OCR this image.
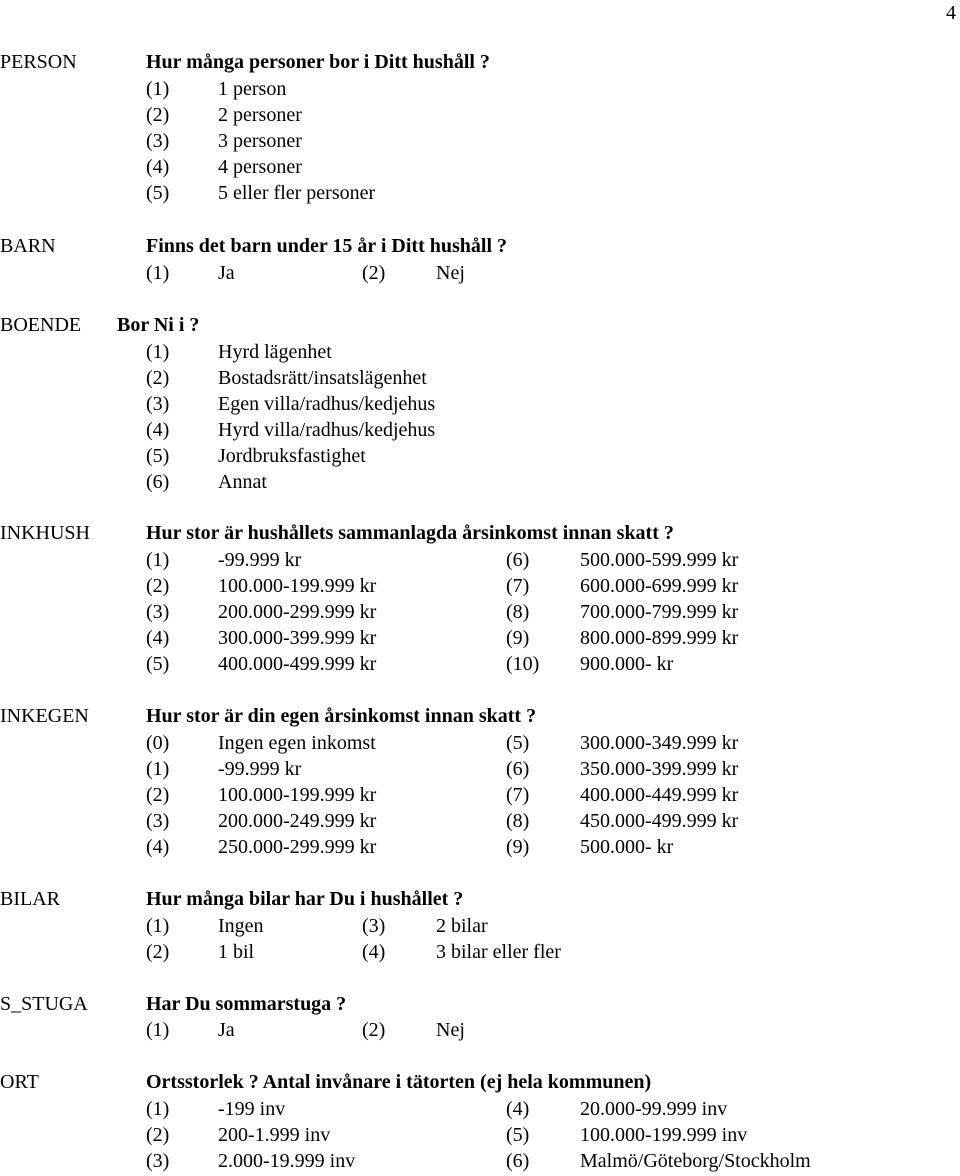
4
PERSON	Hur många personer bor i Ditt hushåll ?
(1) 1 person
(2) 2 personer
(3) 3 personer
(4) 4 personer
(5) 5 eller fler personer
BARN	Finns det barn under 15 år i Ditt hushåll ?
(1) Ja	(2)	Nej
BOENDE Bor Ni i ?
(1) Hyrd lägenhet
(2) Bostadsrätt/insatslägenhet
(3) Egen villa/radhus/kedjehus
(4) Hyrd villa/radhus/kedjehus
(5) Jordbruksfastighet
(6) Annat
INKHUSH	Hur stor är hushållets sammanlagda årsinkomst innan skatt ?
(1) -99.999 kr	(6)	500.000-599.999 kr
(2) 100.000-199.999 kr	(7)	600.000-699.999 kr
(3) 200.000-299.999 kr	(8)	700.000-799.999 kr
(4) 300.000-399.999 kr	(9)	800.000-899.999 kr
(5) 400.000-499.999 kr	(10) 900.000- kr
INKEGEN	Hur stor är din egen årsinkomst innan skatt ?
(0) Ingen egen inkomst	(5)	300.000-349.999 kr
(1) -99.999 kr	(6)	350.000-399.999 kr
(2) 100.000-199.999 kr	(7)	400.000-449.999 kr
(3) 200.000-249.999 kr	(8)	450.000-499.999 kr
(4) 250.000-299.999 kr	(9)	500.000- kr
BILAR	Hur många bilar har Du i hushållet ?
(1) Ingen	(3)	2 bilar
(2) 1 bil	(4)	3 bilar eller fler
S_STUGA	Har Du sommarstuga ?
(1) Ja	(2)	Nej
ORT	Ortsstorlek ? Antal invånare i tätorten (ej hela kommunen)
(1) -199 inv	(4)	20.000-99.999 inv
(2) 200-1.999 inv	(5)	100.000-199.999 inv
(3) 2.000-19.999 inv	(6)	Malmö/Göteborg/Stockholm
